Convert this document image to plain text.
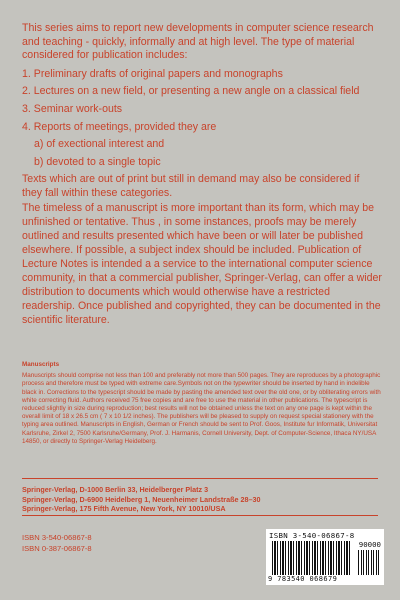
This series aims to report new developments in computer science research and teaching - quickly, informally and at high level. The type of material considered for publication includes:

1. Preliminary drafts of original papers and monographs
2. Lectures on a new field, or presenting a new angle on a classical field
3. Seminar work-outs
4. Reports of meetings, provided they are
a) of exectional interest and
b) devoted to a single topic

Texts which are out of print but still in demand may also be considered if they fall within these categories.

The timeless of a manuscript is more important than its form, which may be unfinished or tentative. Thus , in some instances, proofs may be merely outlined and results presented which have been or will later be published elsewhere. If possible, a subject index should be included. Publication of Lecture Notes is intended a a service to the international computer science community, in that a commercial publisher, Springer-Verlag, can offer a wider distribution to documents which would otherwise have a restricted readership. Once published and copyrighted, they can be documented in the scientific literature.

Manuscripts
Manuscripts should comprise not less than 100 and preferably not more than 500 pages. They are reproduces by a photographic process and therefore must be typed with extreme care.Symbols not on the typewriter should be inserted by hand in indelible black in. Corrections to the typescript should be made by pasting the amended text over the old one, or by obliterating errors with white correcting fluid. Authors received 75 free copies and are free to use the material in other publications. The typescript is reduced slightly in size during reproduction; best results will not be obtained unless the text on any one page is kept within the overall limit of 18 x 26.5 cm ( 7 x 10 1/2 inches). The publishers will be pleased to supply on request special stationery with the typing area outlined. Manuscripts in English, German or French should be sent to Prof. Goos, Institute fur Informatik, Universitat Karlsruhe, Zirkel 2, 7500 Karlsruhe/Germany, Prof. J. Harmanis, Cornell University, Dept. of Computer-Science, Ithaca NY/USA 14850, or directly to Springer-Verlag Heidelberg.
Springer-Verlag, D-1000 Berlin 33, Heidelberger Platz 3
Springer-Verlag, D-6900 Heidelberg 1, Neuenheimer Landstraße 28–30
Springer-Verlag, 175 Fifth Avenue, New York, NY 10010/USA
ISBN 3-540-06867-8
ISBN 0-387-06867-8
ISBN 3-540-06867-8
90000
9 783540 068679
